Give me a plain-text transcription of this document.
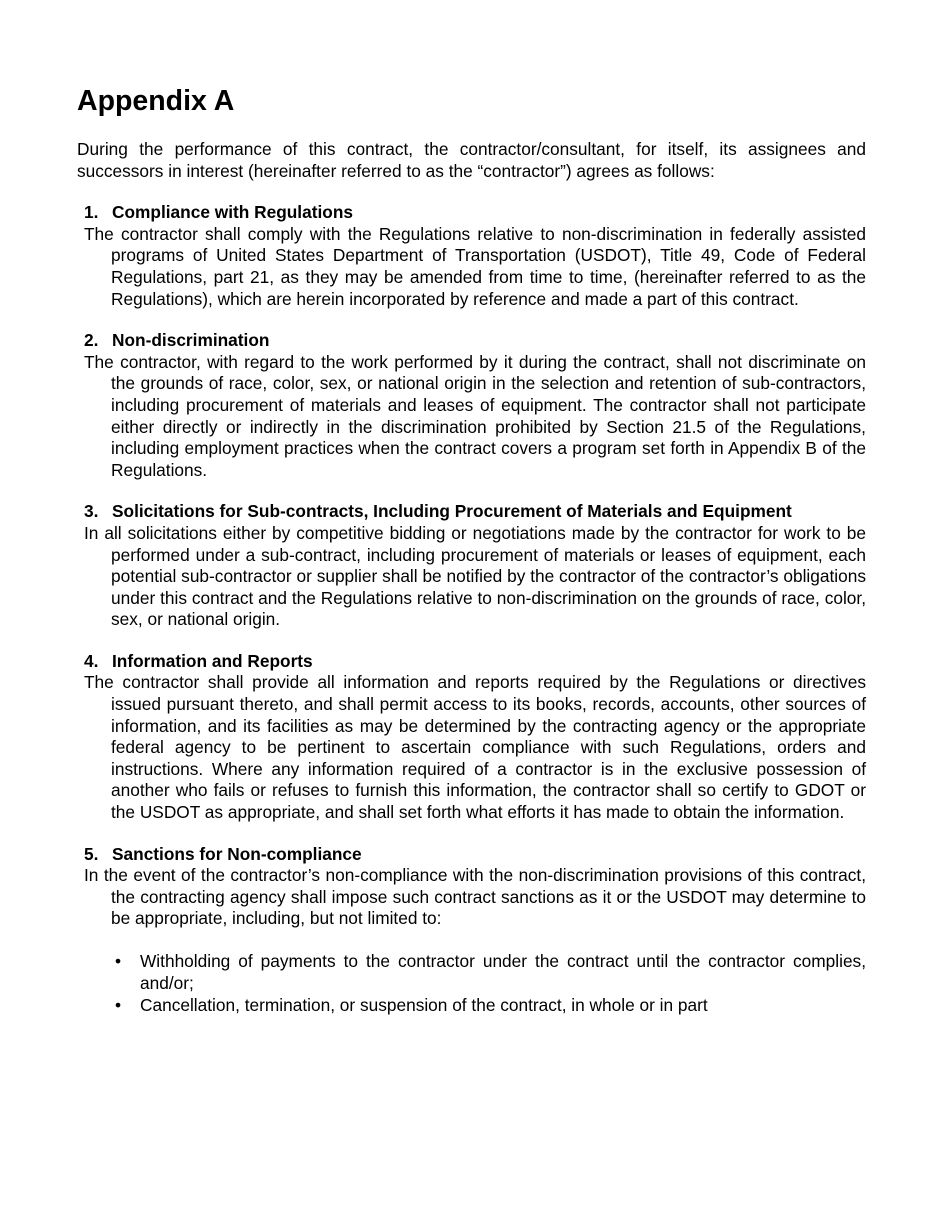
Appendix A

During the performance of this contract, the contractor/consultant, for itself, its assignees and successors in interest (hereinafter referred to as the “contractor”) agrees as follows:

1. Compliance with Regulations

The contractor shall comply with the Regulations relative to non-discrimination in federally assisted programs of United States Department of Transportation (USDOT), Title 49, Code of Federal Regulations, part 21, as they may be amended from time to time, (hereinafter referred to as the Regulations), which are herein incorporated by reference and made a part of this contract.

2. Non-discrimination

The contractor, with regard to the work performed by it during the contract, shall not discriminate on the grounds of race, color, sex, or national origin in the selection and retention of sub-contractors, including procurement of materials and leases of equipment. The contractor shall not participate either directly or indirectly in the discrimination prohibited by Section 21.5 of the Regulations, including employment practices when the contract covers a program set forth in Appendix B of the Regulations.

3. Solicitations for Sub-contracts, Including Procurement of Materials and Equipment

In all solicitations either by competitive bidding or negotiations made by the contractor for work to be performed under a sub-contract, including procurement of materials or leases of equipment, each potential sub-contractor or supplier shall be notified by the contractor of the contractor’s obligations under this contract and the Regulations relative to non-discrimination on the grounds of race, color, sex, or national origin.

4. Information and Reports

The contractor shall provide all information and reports required by the Regulations or directives issued pursuant thereto, and shall permit access to its books, records, accounts, other sources of information, and its facilities as may be determined by the contracting agency or the appropriate federal agency to be pertinent to ascertain compliance with such Regulations, orders and instructions. Where any information required of a contractor is in the exclusive possession of another who fails or refuses to furnish this information, the contractor shall so certify to GDOT or the USDOT as appropriate, and shall set forth what efforts it has made to obtain the information.

5. Sanctions for Non-compliance

In the event of the contractor’s non-compliance with the non-discrimination provisions of this contract, the contracting agency shall impose such contract sanctions as it or the USDOT may determine to be appropriate, including, but not limited to:

• Withholding of payments to the contractor under the contract until the contractor complies, and/or;
• Cancellation, termination, or suspension of the contract, in whole or in part
